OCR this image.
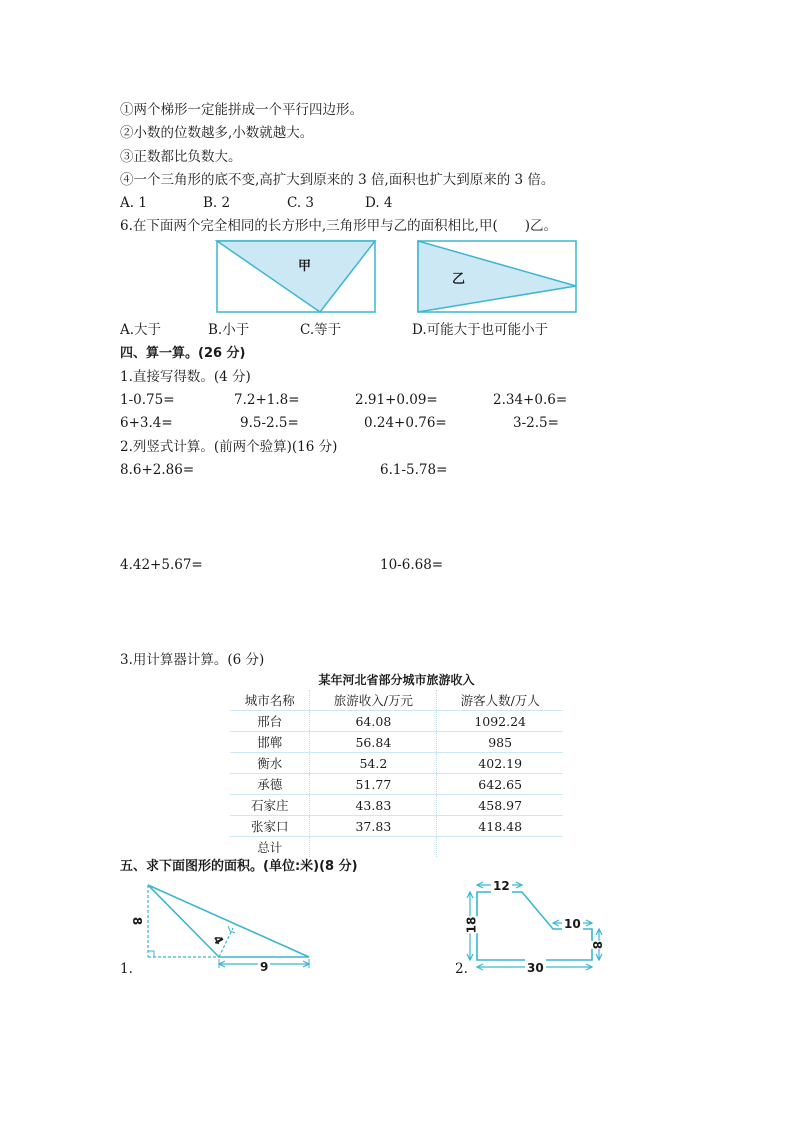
①两个梯形一定能拼成一个平行四边形。
②小数的位数越多,小数就越大。
③正数都比负数大。
④一个三角形的底不变,高扩大到原来的 3 倍,面积也扩大到原来的 3 倍。
A. 1	B. 2	C. 3	D. 4
6.在下面两个完全相同的长方形中,三角形甲与乙的面积相比,甲(　　)乙。
甲
乙
A.大于	B.小于	C.等于	D.可能大于也可能小于
四、算一算。(26 分)
1.直接写得数。(4 分)
1-0.75=	7.2+1.8=	2.91+0.09=	2.34+0.6=
6+3.4=	9.5-2.5=	0.24+0.76=	3-2.5=
2.列竖式计算。(前两个验算)(16 分)
8.6+2.86=	6.1-5.78=
4.42+5.67=	10-6.68=
3.用计算器计算。(6 分)
某年河北省部分城市旅游收入
城市名称	旅游收入/万元	游客人数/万人
邢台	64.08	1092.24
邯郸	56.84	985
衡水	54.2	402.19
承德	51.77	642.65
石家庄	43.83	458.97
张家口	37.83	418.48
总计		
五、求下面图形的面积。(单位:米)(8 分)
8
4
9
1.
12
18	10
8
30
2.
